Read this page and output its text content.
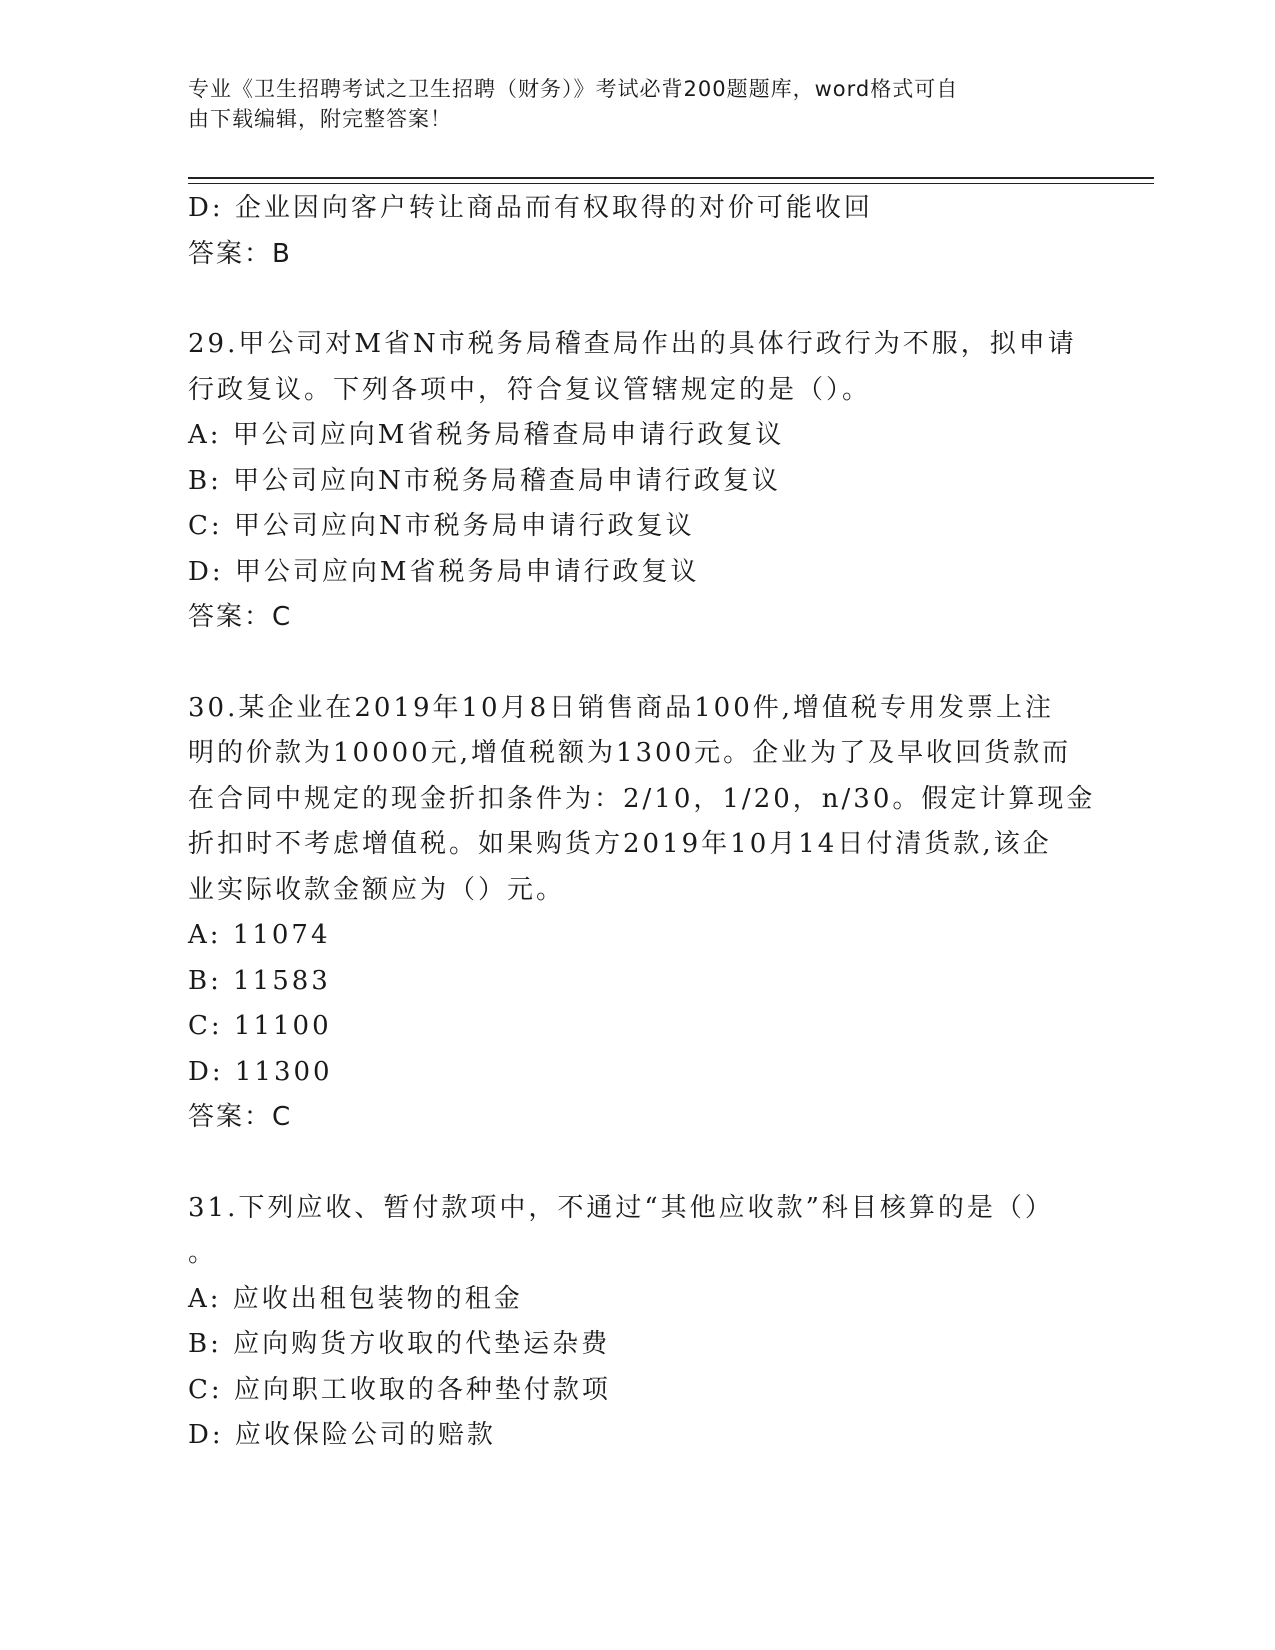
专业《卫生招聘考试之卫生招聘（财务）》考试必背200题题库，word格式可自
由下载编辑，附完整答案！
D: 企业因向客户转让商品而有权取得的对价可能收回
答案：B
29.甲公司对M省N市税务局稽查局作出的具体行政行为不服，拟申请
行政复议。下列各项中，符合复议管辖规定的是（）。
A: 甲公司应向M省税务局稽查局申请行政复议
B: 甲公司应向N市税务局稽查局申请行政复议
C: 甲公司应向N市税务局申请行政复议
D: 甲公司应向M省税务局申请行政复议
答案：C
30.某企业在2019年10月8日销售商品100件,增值税专用发票上注
明的价款为10000元,增值税额为1300元。企业为了及早收回货款而
在合同中规定的现金折扣条件为：2/10，1/20，n/30。假定计算现金
折扣时不考虑增值税。如果购货方2019年10月14日付清货款,该企
业实际收款金额应为（）元。
A: 11074
B: 11583
C: 11100
D: 11300
答案：C
31.下列应收、暂付款项中，不通过“其他应收款”科目核算的是（）
。
A: 应收出租包装物的租金
B: 应向购货方收取的代垫运杂费
C: 应向职工收取的各种垫付款项
D: 应收保险公司的赔款
